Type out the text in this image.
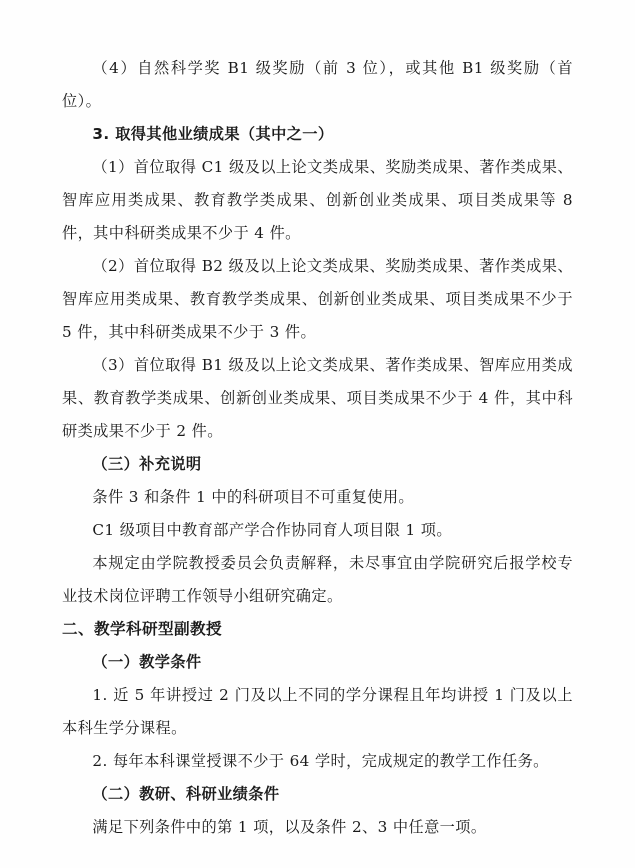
（4）自然科学奖 B1 级奖励（前 3 位），或其他 B1 级奖励（首位）。

3. 取得其他业绩成果（其中之一）

（1）首位取得 C1 级及以上论文类成果、奖励类成果、著作类成果、智库应用类成果、教育教学类成果、创新创业类成果、项目类成果等 8 件，其中科研类成果不少于 4 件。

（2）首位取得 B2 级及以上论文类成果、奖励类成果、著作类成果、智库应用类成果、教育教学类成果、创新创业类成果、项目类成果不少于 5 件，其中科研类成果不少于 3 件。

（3）首位取得 B1 级及以上论文类成果、著作类成果、智库应用类成果、教育教学类成果、创新创业类成果、项目类成果不少于 4 件，其中科研类成果不少于 2 件。

（三）补充说明

条件 3 和条件 1 中的科研项目不可重复使用。

C1 级项目中教育部产学合作协同育人项目限 1 项。

本规定由学院教授委员会负责解释，未尽事宜由学院研究后报学校专业技术岗位评聘工作领导小组研究确定。

二、教学科研型副教授

（一）教学条件

1. 近 5 年讲授过 2 门及以上不同的学分课程且年均讲授 1 门及以上本科生学分课程。

2. 每年本科课堂授课不少于 64 学时，完成规定的教学工作任务。

（二）教研、科研业绩条件

满足下列条件中的第 1 项，以及条件 2、3 中任意一项。
